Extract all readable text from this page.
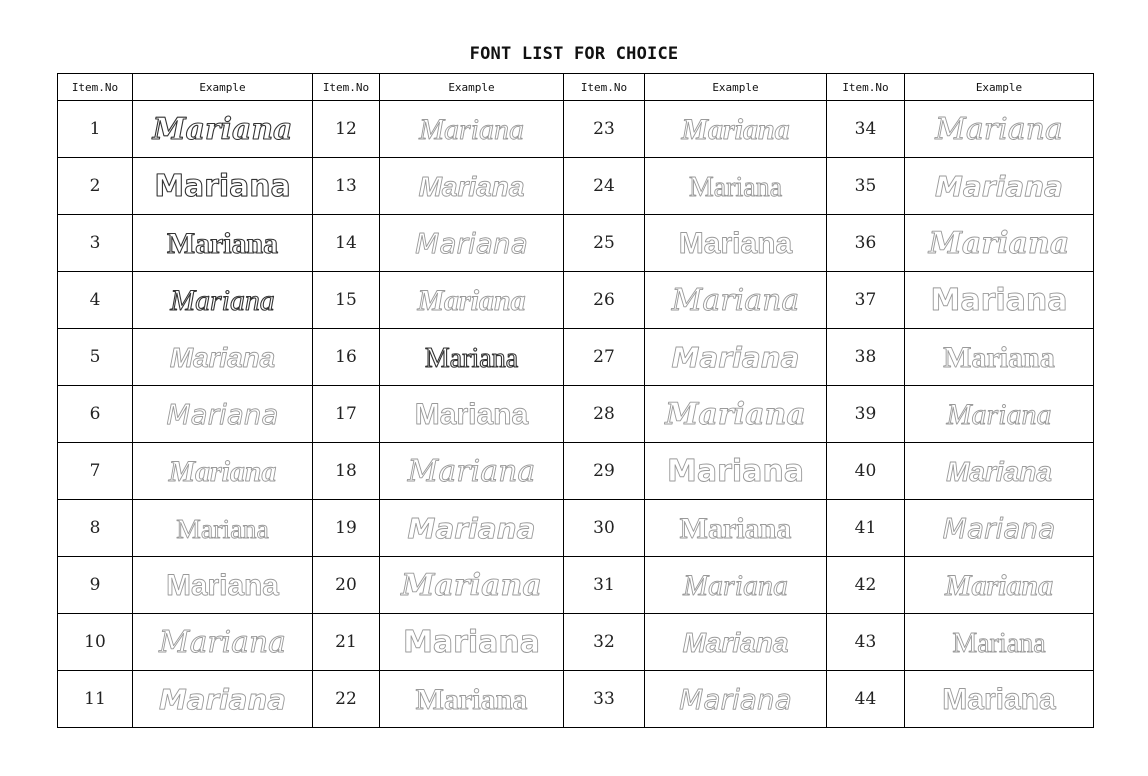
FONT LIST FOR CHOICE
Item.No	Example	Item.No	Example	Item.No	Example	Item.No	Example
1	Mariana	12	Mariana	23	Mariana	34	Mariana

2	Mariana	13	Mariana	24	Mariana	35	Mariana

3	Mariana	14	Mariana	25	Mariana	36	Mariana

4	Mariana	15	Mariana	26	Mariana	37	Mariana

5	Mariana	16	Mariana	27	Mariana	38	Mariana

6	Mariana	17	Mariana	28	Mariana	39	Mariana

7	Mariana	18	Mariana	29	Mariana	40	Mariana

8	Mariana	19	Mariana	30	Mariana	41	Mariana

9	Mariana	20	Mariana	31	Mariana	42	Mariana

10	Mariana	21	Mariana	32	Mariana	43	Mariana

11	Mariana	22	Mariana	33	Mariana	44	Mariana
